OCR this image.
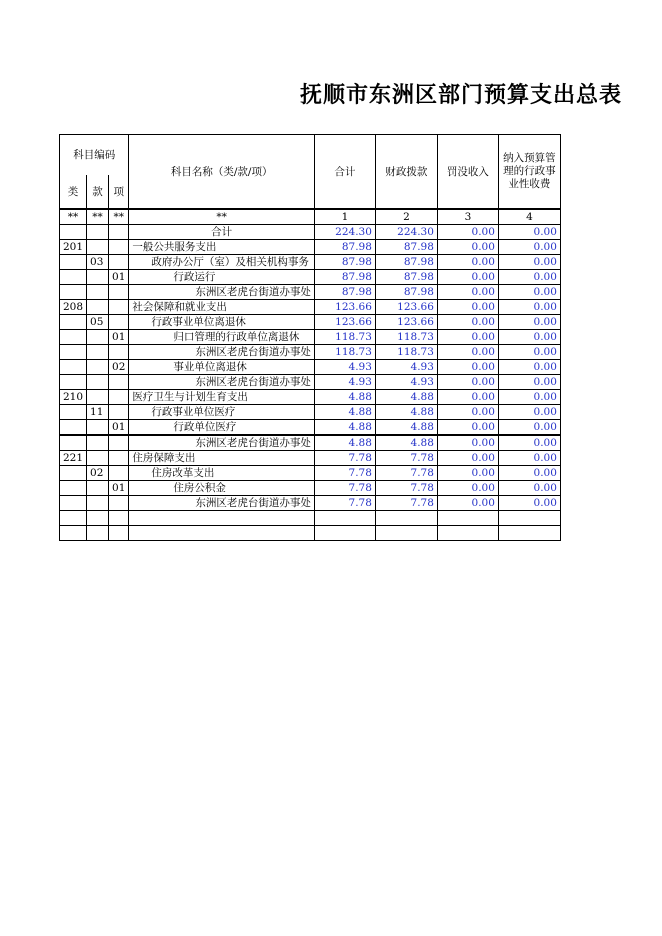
抚顺市东洲区部门预算支出总表
科目编码			科目名称（类/款/项）	合计	财政拨款	罚没收入	纳入预算管理的行政事业性收费
类	款	项					
**	**	**	**	1	2	3	4
			合计	224.30	224.30	0.00	0.00
201			一般公共服务支出	87.98	87.98	0.00	0.00
	03		政府办公厅（室）及相关机构事务	87.98	87.98	0.00	0.00
		01	行政运行	87.98	87.98	0.00	0.00
			东洲区老虎台街道办事处	87.98	87.98	0.00	0.00
208			社会保障和就业支出	123.66	123.66	0.00	0.00
	05		行政事业单位离退休	123.66	123.66	0.00	0.00
		01	归口管理的行政单位离退休	118.73	118.73	0.00	0.00
			东洲区老虎台街道办事处	118.73	118.73	0.00	0.00
		02	事业单位离退休	4.93	4.93	0.00	0.00
			东洲区老虎台街道办事处	4.93	4.93	0.00	0.00
210			医疗卫生与计划生育支出	4.88	4.88	0.00	0.00
	11		行政事业单位医疗	4.88	4.88	0.00	0.00
		01	行政单位医疗	4.88	4.88	0.00	0.00
			东洲区老虎台街道办事处	4.88	4.88	0.00	0.00
221			住房保障支出	7.78	7.78	0.00	0.00
	02		住房改革支出	7.78	7.78	0.00	0.00
		01	住房公积金	7.78	7.78	0.00	0.00
			东洲区老虎台街道办事处	7.78	7.78	0.00	0.00
